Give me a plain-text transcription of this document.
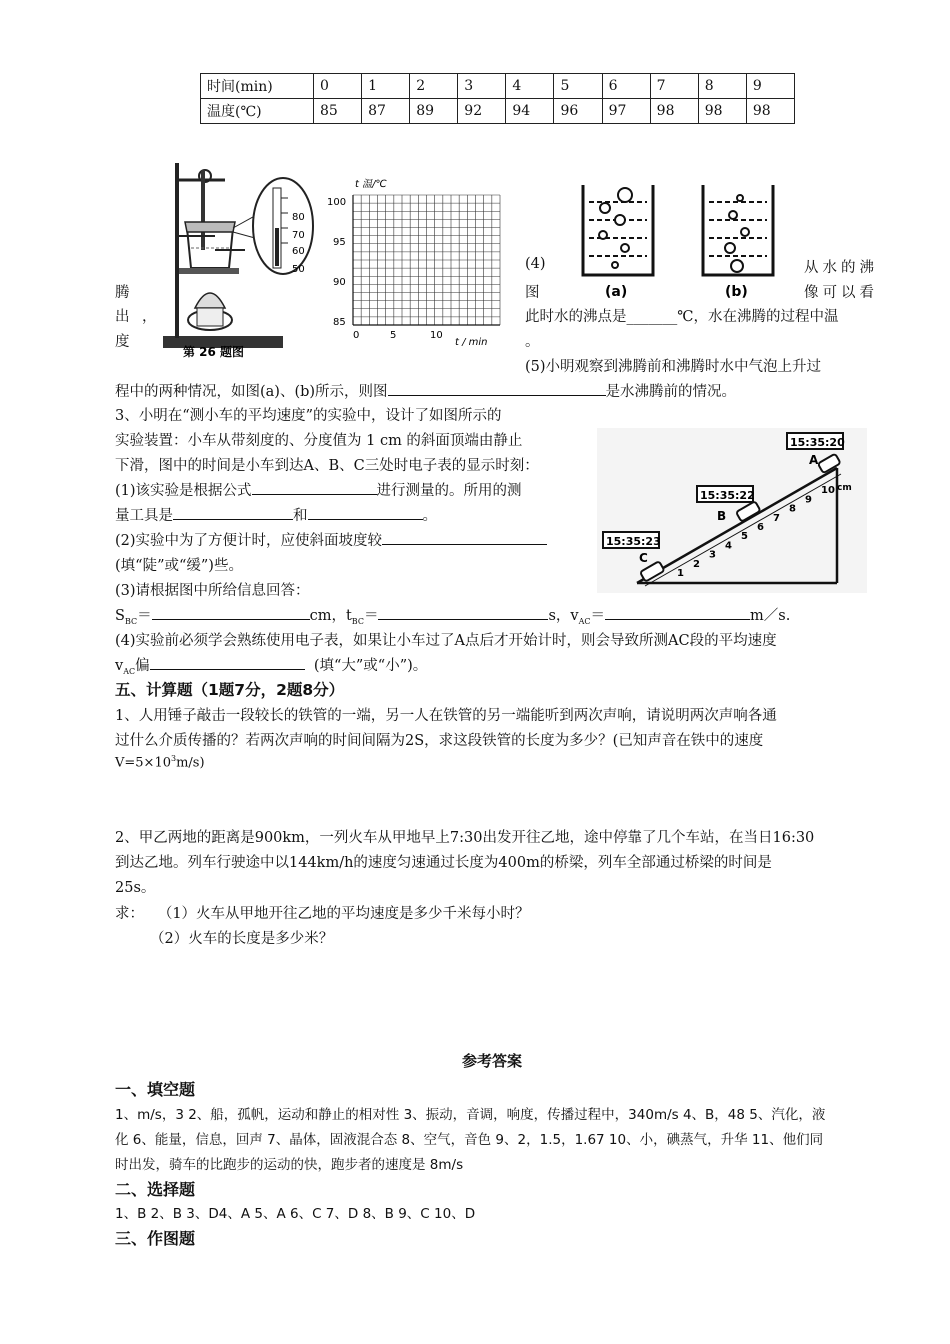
时间(min)	0	1	2	3	4	5	6	7	8	9
温度(℃)	85	87	89	92	94	96	97	98	98	98
80
70
60
50
第 26 题图
t 温/℃
100
95
90
85
0	5	10
t / min
(a)	(b)
腾
出 ，
度
(4)	从水的沸
图	像可以看
此时水的沸点是_______℃，水在沸腾的过程中温
。
(5)小明观察到沸腾前和沸腾时水中气泡上升过
程中的两种情况，如图(a)、(b)所示，则图	是水沸腾前的情况。
3、小明在“测小车的平均速度”的实验中，设计了如图所示的
实验装置：小车从带刻度的、分度值为 1 cm 的斜面顶端由静止
下滑，图中的时间是小车到达A、B、C三处时电子表的显示时刻：
(1)该实验是根据公式	进行测量的。所用的测
量工具是	和	。
(2)实验中为了方便计时，应使斜面坡度较
(填“陡”或“缓”)些。
(3)请根据图中所给信息回答：
$S_{BC}=$	cm，$t_{BC}=$	s，$v_{AC}=$	m／s.
(4)实验前必须学会熟练使用电子表，如果让小车过了A点后才开始计时，则会导致所测AC段的平均速度
$v_{AC}$偏	(填“大”或“小”)。
15:35:20
A
15:35:22
B
15:35:23
C
1
2
3
4
5
6
7
8
9
10 cm
五、计算题（1题7分，2题8分）
1、人用锤子敲击一段较长的铁管的一端，另一人在铁管的另一端能听到两次声响，请说明两次声响各通
过什么介质传播的？若两次声响的时间间隔为2S，求这段铁管的长度为多少？(已知声音在铁中的速度
$V=5\times 10^3m/s$)
2、甲乙两地的距离是900km，一列火车从甲地早上7:30出发开往乙地，途中停靠了几个车站，在当日16:30
到达乙地。列车行驶途中以144km/h的速度匀速通过长度为400m的桥梁，列车全部通过桥梁的时间是
25s。
求：   （1）火车从甲地开往乙地的平均速度是多少千米每小时？
（2）火车的长度是多少米？
参考答案
一、填空题
1、m/s，3 2、船，孤帆，运动和静止的相对性 3、振动，音调，响度，传播过程中，340m/s 4、B，48 5、汽化，液
化 6、能量，信息，回声 7、晶体，固液混合态 8、空气，音色 9、2，1.5，1.67 10、小，碘蒸气，升华 11、他们同
时出发，骑车的比跑步的运动的快，跑步者的速度是 8m/s
二、选择题
1、B 2、B 3、D4、A 5、A 6、C 7、D 8、B 9、C 10、D
三、作图题
